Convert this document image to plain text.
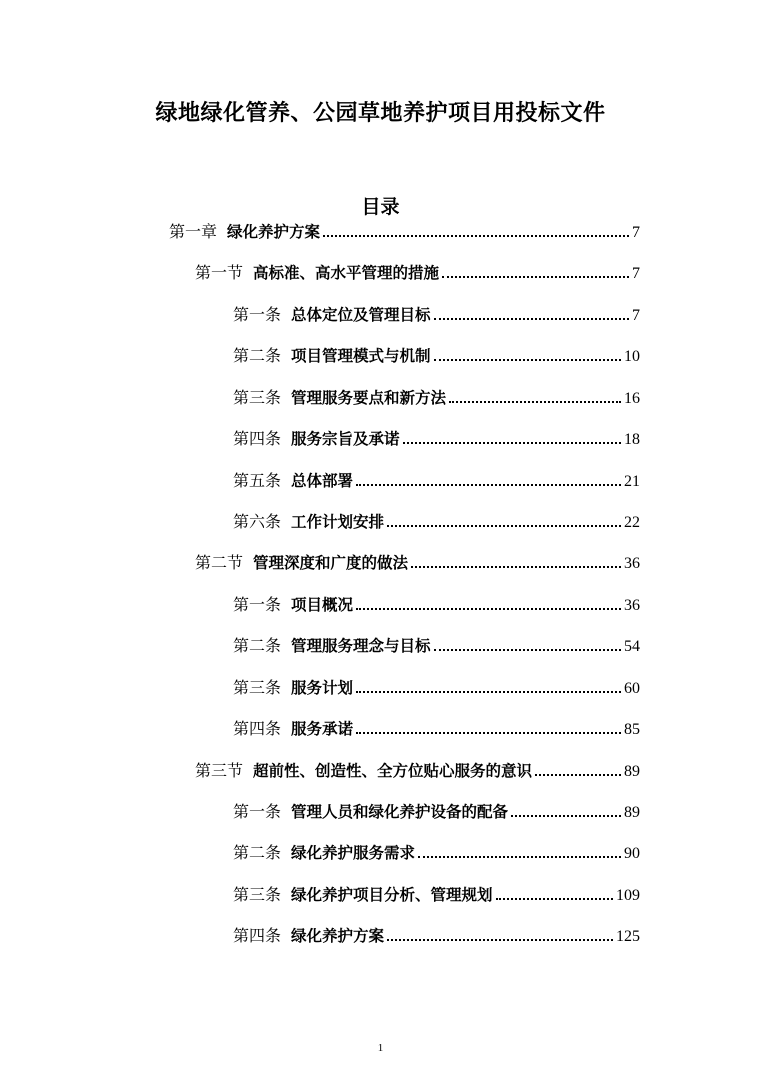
绿地绿化管养、公园草地养护项目用投标文件
目录
第一章 绿化养护方案	7
第一节 高标准、高水平管理的措施	7
第一条 总体定位及管理目标	7
第二条 项目管理模式与机制	10
第三条 管理服务要点和新方法	16
第四条 服务宗旨及承诺	18
第五条 总体部署	21
第六条 工作计划安排	22
第二节 管理深度和广度的做法	36
第一条 项目概况	36
第二条 管理服务理念与目标	54
第三条 服务计划	60
第四条 服务承诺	85
第三节 超前性、创造性、全方位贴心服务的意识	89
第一条 管理人员和绿化养护设备的配备	89
第二条 绿化养护服务需求	90
第三条 绿化养护项目分析、管理规划	109
第四条 绿化养护方案	125
1
